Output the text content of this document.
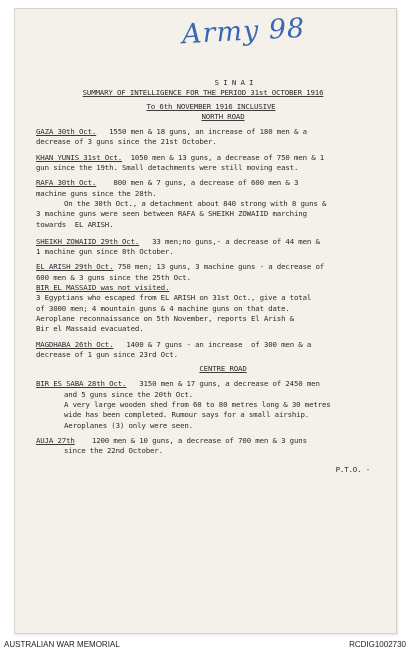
Army 98
S I N A I
SUMMARY OF INTELLIGENCE FOR THE PERIOD 31st OCTOBER 1916
To 6th NOVEMBER 1916 INCLUSIVE
NORTH ROAD
GAZA 30th Oct. 1550 men & 18 guns, an increase of 180 men & a
decrease of 3 guns since the 21st October.
KHAN YUNIS 31st Oct. 1050 men & 13 guns, a decrease of 750 men & 1
gun since the 19th. Small detachments were still moving east.
RAFA 30th Oct. 800 men & 7 guns, a decrease of 600 men & 3
machine guns since the 28th.
On the 30th Oct., a detachment about 840 strong with 8 guns &
3 machine guns were seen between RAFA & SHEIKH ZOWAIID marching
towards  EL ARISH.
SHEIKH ZOWAIID 29th Oct. 33 men;no guns,- a decrease of 44 men &
1 machine gun since 8th October.
EL ARISH 29th Oct. 750 men; 13 guns, 3 machine guns - a decrease of
600 men & 3 guns since the 25th Oct.
BIR EL MASSAID was not visited.
3 Egyptians who escaped from EL ARISH on 31st Oct., give a total
of 3000 men; 4 mountain guns & 4 machine guns on that date.
Aeroplane reconnaissance on 5th November, reports El Arish &
Bir el Massaid evacuated.
MAGDHABA 26th Oct. 1400 & 7 guns - an increase  of 300 men & a
decrease of 1 gun since 23rd Oct.
CENTRE ROAD
BIR ES SABA 28th Oct. 3150 men & 17 guns, a decrease of 2450 men
and 5 guns since the 20th Oct.
A very large wooden shed from 60 to 80 metres long & 30 metres
wide has been completed. Rumour says for a small airship.
Aeroplanes (3) only were seen.
AUJA 27th 1200 men & 10 guns, a decrease of 700 men & 3 guns
since the 22nd October.
P.T.O. -
AUSTRALIAN WAR MEMORIAL	RCDIG1002730
